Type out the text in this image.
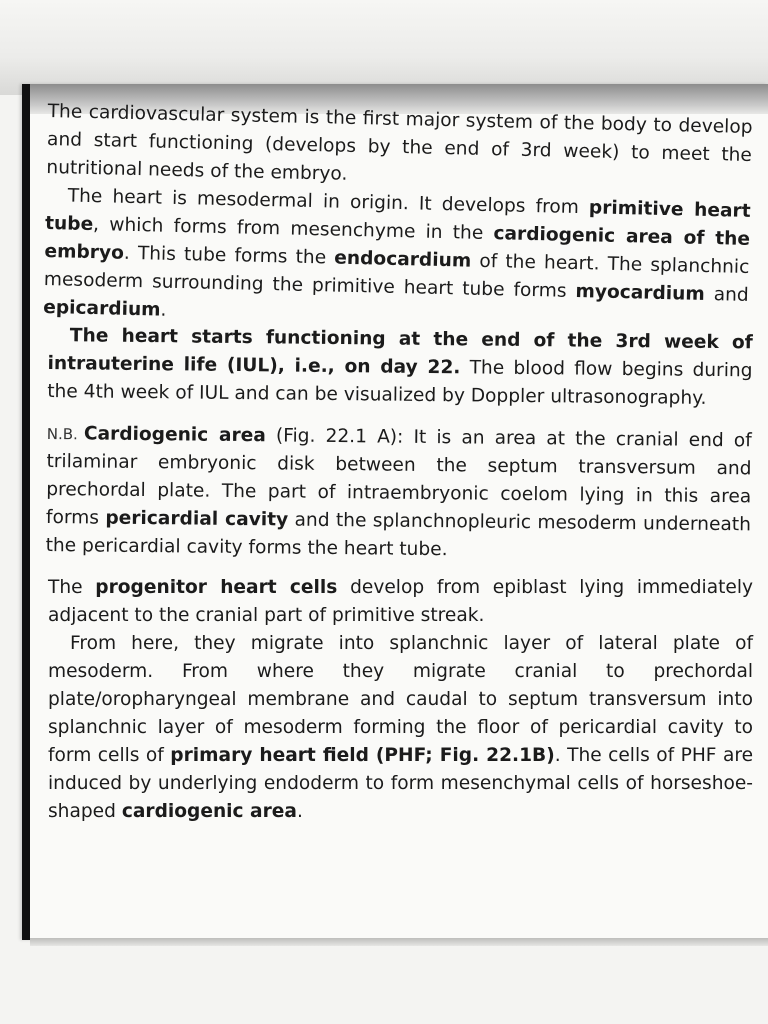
The cardiovascular system is the first major system of the body to develop and start functioning (develops by the end of 3rd week) to meet the nutritional needs of the embryo.

The heart is mesodermal in origin. It develops from primitive heart tube, which forms from mesenchyme in the cardiogenic area of the embryo. This tube forms the endocardium of the heart. The splanchnic mesoderm surrounding the primitive heart tube forms myocardium and epicardium.

The heart starts functioning at the end of the 3rd week of intrauterine life (IUL), i.e., on day 22. The blood flow begins during the 4th week of IUL and can be visualized by Doppler ultrasonography.

N.B. Cardiogenic area (Fig. 22.1 A): It is an area at the cranial end of trilaminar embryonic disk between the septum transversum and prechordal plate. The part of intraembryonic coelom lying in this area forms pericardial cavity and the splanchnopleuric mesoderm underneath the pericardial cavity forms the heart tube.

The progenitor heart cells develop from epiblast lying immediately adjacent to the cranial part of primitive streak.

From here, they migrate into splanchnic layer of lateral plate of mesoderm. From where they migrate cranial to prechordal plate/oropharyngeal membrane and caudal to septum transversum into splanchnic layer of mesoderm forming the floor of pericardial cavity to form cells of primary heart field (PHF; Fig. 22.1B). The cells of PHF are induced by underlying endoderm to form mesenchymal cells of horseshoe-shaped cardiogenic area.
